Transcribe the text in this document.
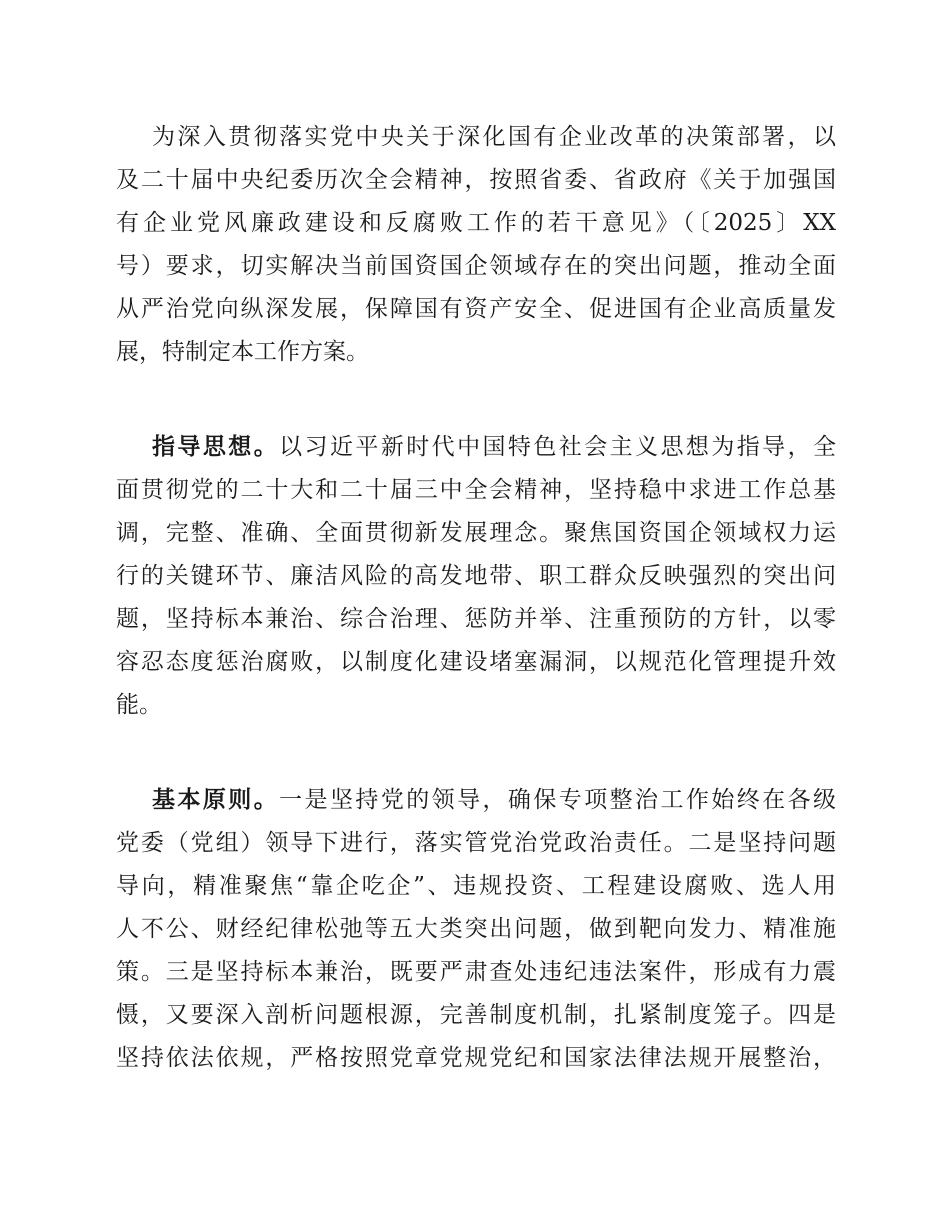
为深入贯彻落实党中央关于深化国有企业改革的决策部署，以
及二十届中央纪委历次全会精神，按照省委、省政府《关于加强国
有企业党风廉政建设和反腐败工作的若干意见》（〔2025〕XX
号）要求，切实解决当前国资国企领域存在的突出问题，推动全面
从严治党向纵深发展，保障国有资产安全、促进国有企业高质量发
展，特制定本工作方案。
指导思想。以习近平新时代中国特色社会主义思想为指导，全
面贯彻党的二十大和二十届三中全会精神，坚持稳中求进工作总基
调，完整、准确、全面贯彻新发展理念。聚焦国资国企领域权力运
行的关键环节、廉洁风险的高发地带、职工群众反映强烈的突出问
题，坚持标本兼治、综合治理、惩防并举、注重预防的方针，以零
容忍态度惩治腐败，以制度化建设堵塞漏洞，以规范化管理提升效
能。
基本原则。一是坚持党的领导，确保专项整治工作始终在各级
党委（党组）领导下进行，落实管党治党政治责任。二是坚持问题
导向，精准聚焦“靠企吃企”、违规投资、工程建设腐败、选人用
人不公、财经纪律松弛等五大类突出问题，做到靶向发力、精准施
策。三是坚持标本兼治，既要严肃查处违纪违法案件，形成有力震
慑，又要深入剖析问题根源，完善制度机制，扎紧制度笼子。四是
坚持依法依规，严格按照党章党规党纪和国家法律法规开展整治，
